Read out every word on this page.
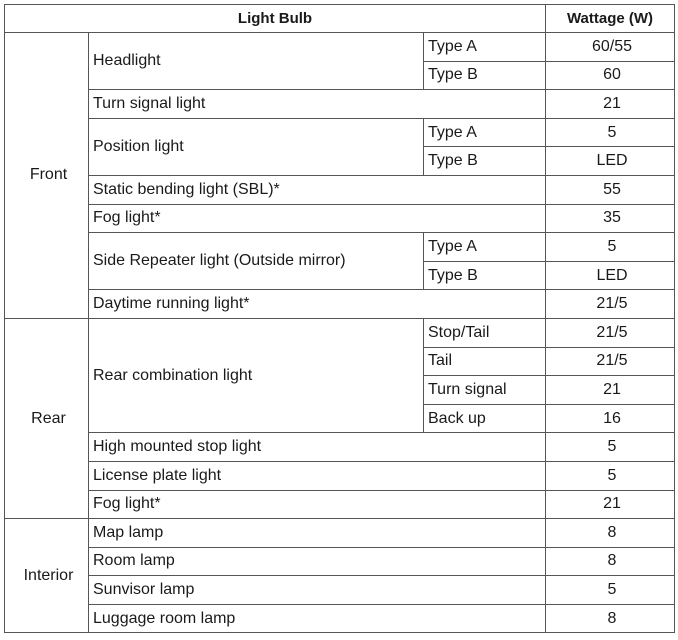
Light Bulb			Wattage (W)
Front	Headlight	Type A	60/55
		Type B	60
	Turn signal light		21
	Position light	Type A	5
		Type B	LED
	Static bending light (SBL)*		55
	Fog light*		35
	Side Repeater light (Outside mirror)	Type A	5
		Type B	LED
	Daytime running light*		21/5
Rear	Rear combination light	Stop/Tail	21/5
		Tail	21/5
		Turn signal	21
		Back up	16
	High mounted stop light		5
	License plate light		5
	Fog light*		21
Interior	Map lamp		8
	Room lamp		8
	Sunvisor lamp		5
	Luggage room lamp		8
